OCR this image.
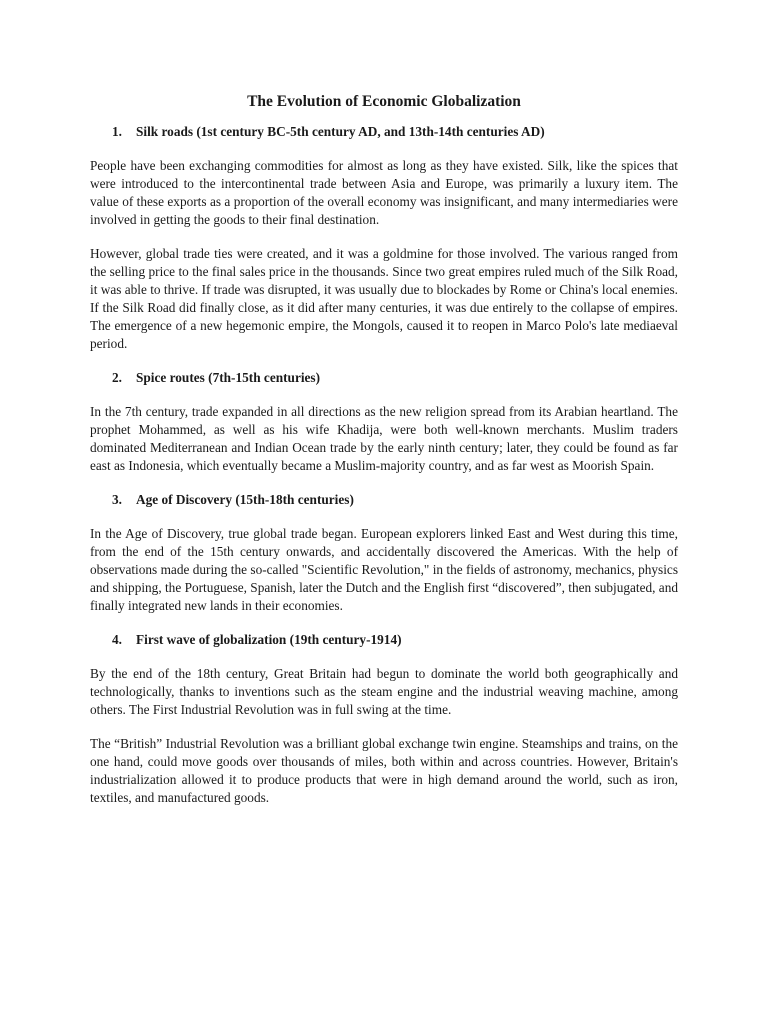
The Evolution of Economic Globalization
1.	Silk roads (1st century BC-5th century AD, and 13th-14th centuries AD)

People have been exchanging commodities for almost as long as they have existed. Silk, like the spices that were introduced to the intercontinental trade between Asia and Europe, was primarily a luxury item. The value of these exports as a proportion of the overall economy was insignificant, and many intermediaries were involved in getting the goods to their final destination.

However, global trade ties were created, and it was a goldmine for those involved. The various ranged from the selling price to the final sales price in the thousands. Since two great empires ruled much of the Silk Road, it was able to thrive. If trade was disrupted, it was usually due to blockades by Rome or China's local enemies. If the Silk Road did finally close, as it did after many centuries, it was due entirely to the collapse of empires. The emergence of a new hegemonic empire, the Mongols, caused it to reopen in Marco Polo's late mediaeval period.

2.	Spice routes (7th-15th centuries)

In the 7th century, trade expanded in all directions as the new religion spread from its Arabian heartland. The prophet Mohammed, as well as his wife Khadija, were both well-known merchants. Muslim traders dominated Mediterranean and Indian Ocean trade by the early ninth century; later, they could be found as far east as Indonesia, which eventually became a Muslim-majority country, and as far west as Moorish Spain.

3.	Age of Discovery (15th-18th centuries)

In the Age of Discovery, true global trade began. European explorers linked East and West during this time, from the end of the 15th century onwards, and accidentally discovered the Americas. With the help of observations made during the so-called "Scientific Revolution," in the fields of astronomy, mechanics, physics and shipping, the Portuguese, Spanish, later the Dutch and the English first “discovered”, then subjugated, and finally integrated new lands in their economies.

4.	First wave of globalization (19th century-1914)

By the end of the 18th century, Great Britain had begun to dominate the world both geographically and technologically, thanks to inventions such as the steam engine and the industrial weaving machine, among others. The First Industrial Revolution was in full swing at the time.

The “British” Industrial Revolution was a brilliant global exchange twin engine. Steamships and trains, on the one hand, could move goods over thousands of miles, both within and across countries. However, Britain's industrialization allowed it to produce products that were in high demand around the world, such as iron, textiles, and manufactured goods.
